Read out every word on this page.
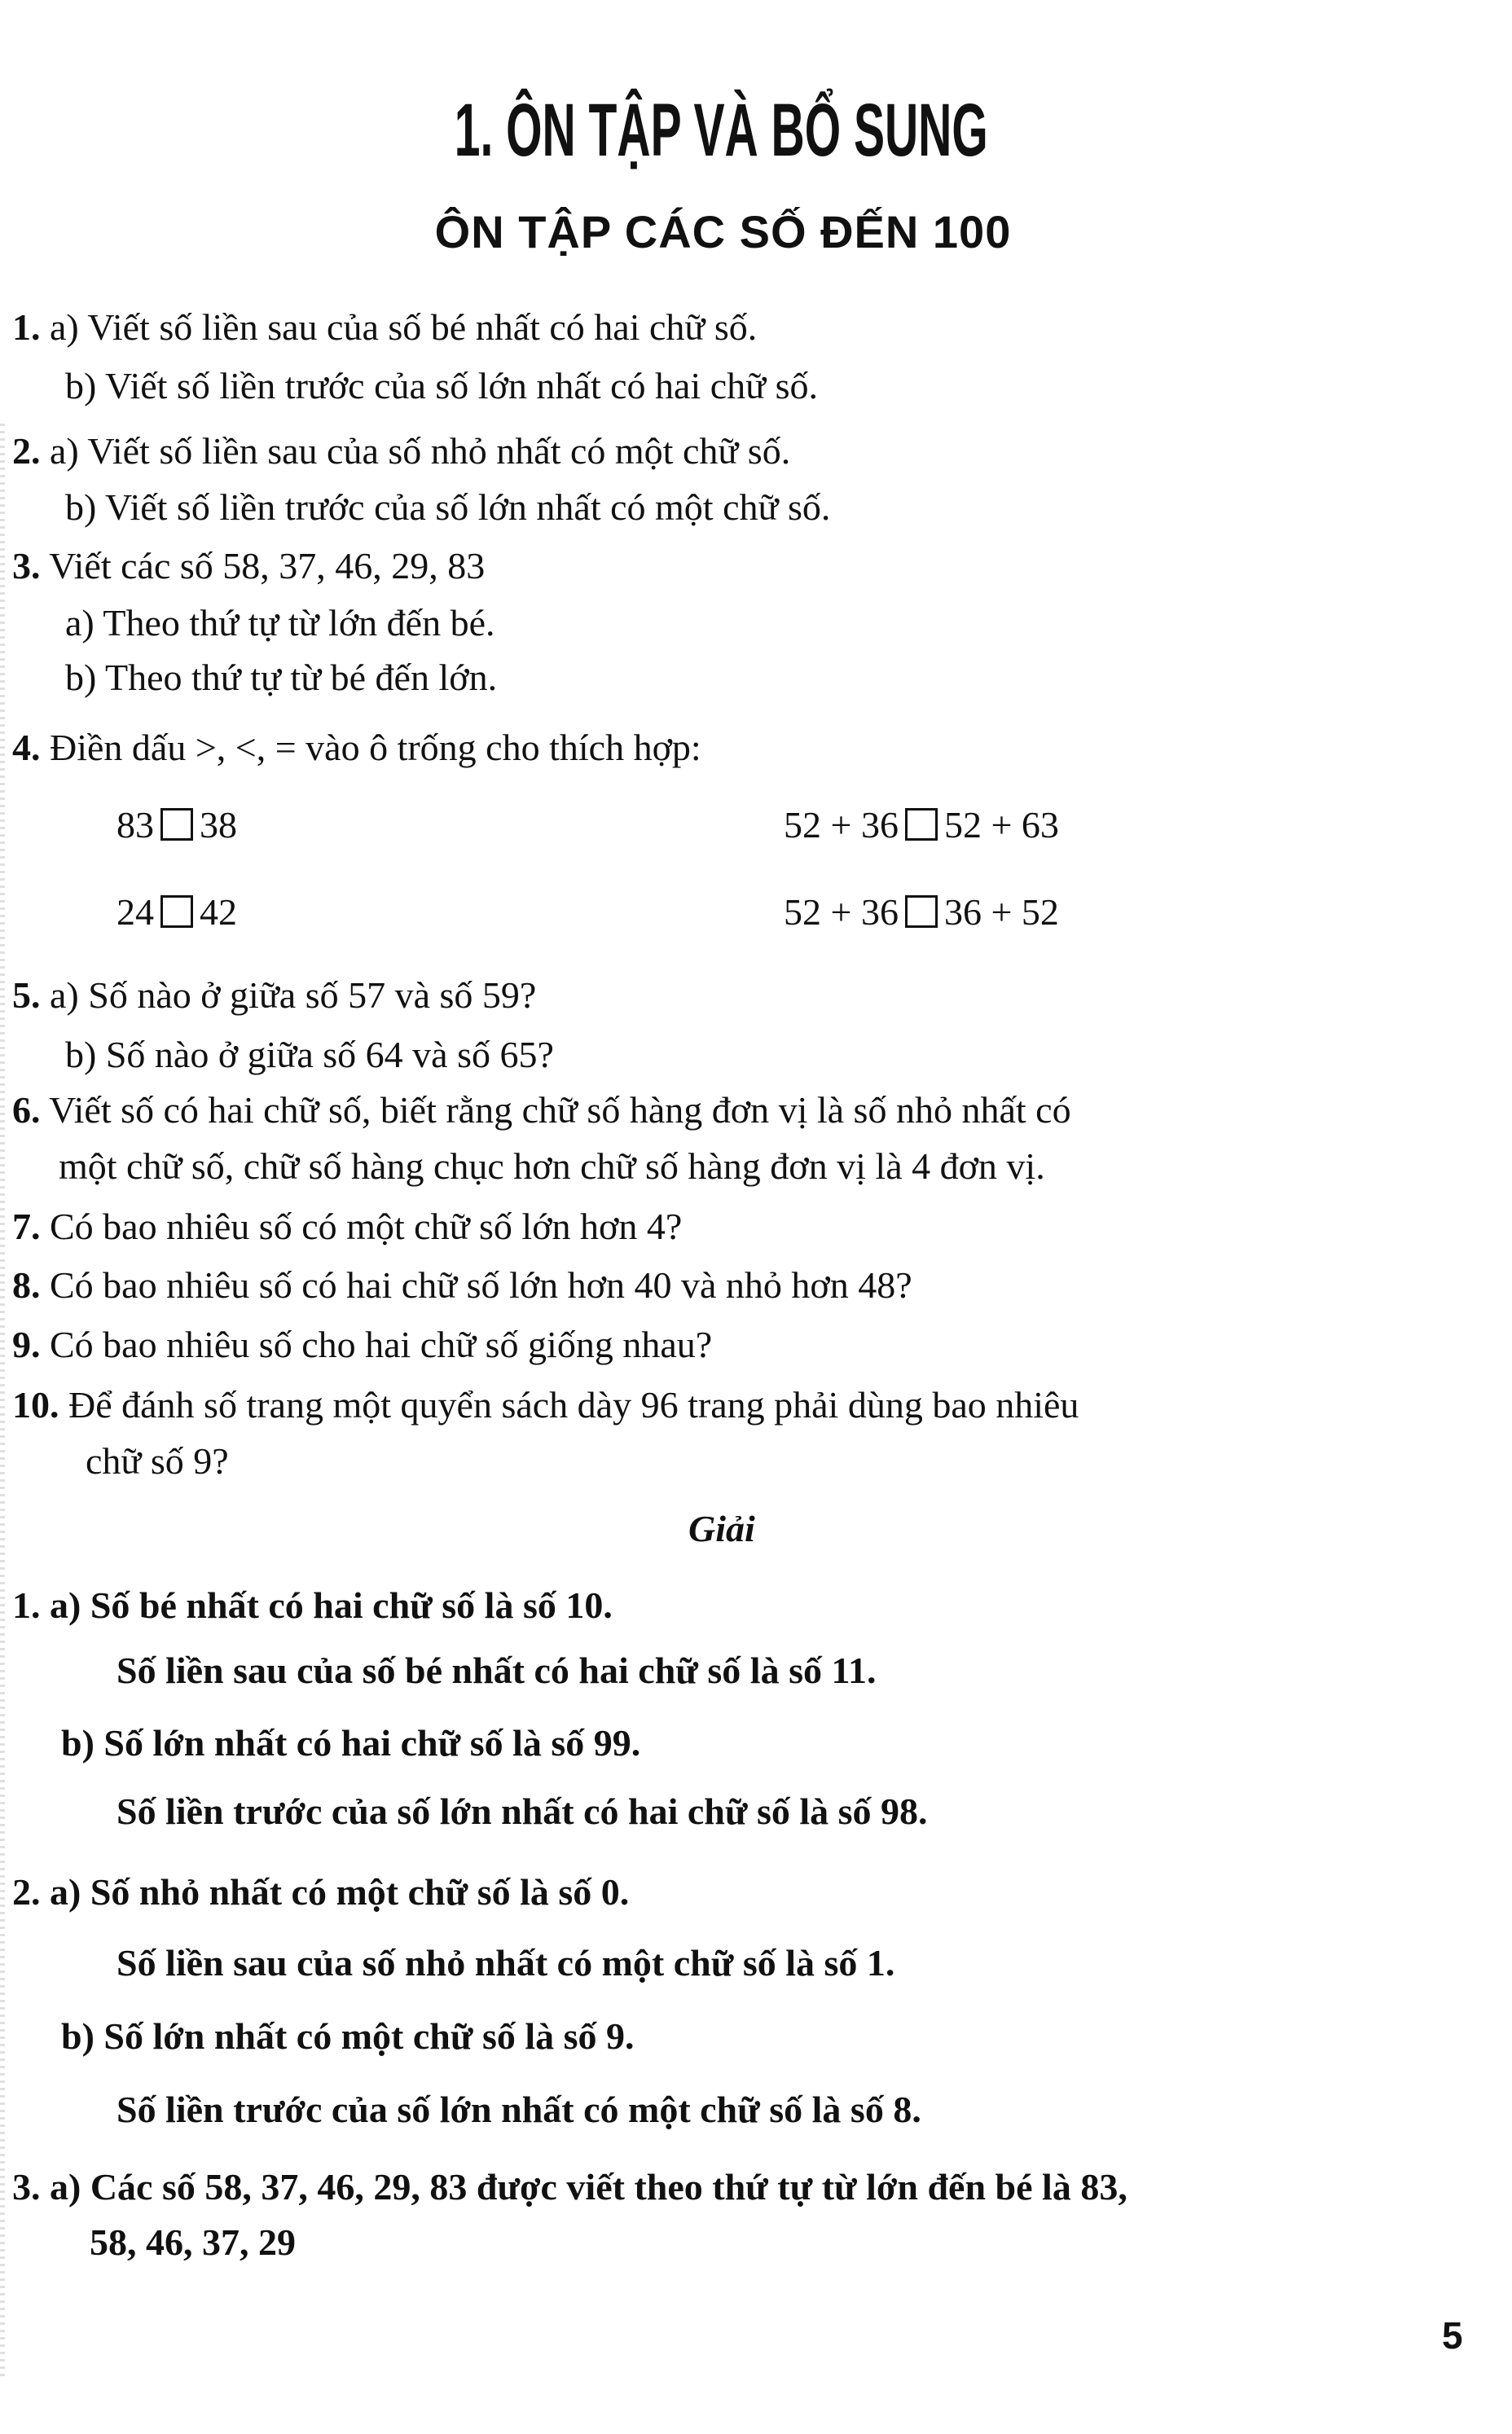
1. ÔN TẬP VÀ BỔ SUNG
ÔN TẬP CÁC SỐ ĐẾN 100
1. a) Viết số liền sau của số bé nhất có hai chữ số.
b) Viết số liền trước của số lớn nhất có hai chữ số.
2. a) Viết số liền sau của số nhỏ nhất có một chữ số.
b) Viết số liền trước của số lớn nhất có một chữ số.
3. Viết các số 58, 37, 46, 29, 83
a) Theo thứ tự từ lớn đến bé.
b) Theo thứ tự từ bé đến lớn.
4. Điền dấu >, <, = vào ô trống cho thích hợp:
83 38	52 + 36 52 + 63
24 42	52 + 36 36 + 52
5. a) Số nào ở giữa số 57 và số 59?
b) Số nào ở giữa số 64 và số 65?
6. Viết số có hai chữ số, biết rằng chữ số hàng đơn vị là số nhỏ nhất có
một chữ số, chữ số hàng chục hơn chữ số hàng đơn vị là 4 đơn vị.
7. Có bao nhiêu số có một chữ số lớn hơn 4?
8. Có bao nhiêu số có hai chữ số lớn hơn 40 và nhỏ hơn 48?
9. Có bao nhiêu số cho hai chữ số giống nhau?
10. Để đánh số trang một quyển sách dày 96 trang phải dùng bao nhiêu
chữ số 9?
Giải
1. a) Số bé nhất có hai chữ số là số 10.
Số liền sau của số bé nhất có hai chữ số là số 11.
b) Số lớn nhất có hai chữ số là số 99.
Số liền trước của số lớn nhất có hai chữ số là số 98.
2. a) Số nhỏ nhất có một chữ số là số 0.
Số liền sau của số nhỏ nhất có một chữ số là số 1.
b) Số lớn nhất có một chữ số là số 9.
Số liền trước của số lớn nhất có một chữ số là số 8.
3. a) Các số 58, 37, 46, 29, 83 được viết theo thứ tự từ lớn đến bé là 83,
58, 46, 37, 29
5
